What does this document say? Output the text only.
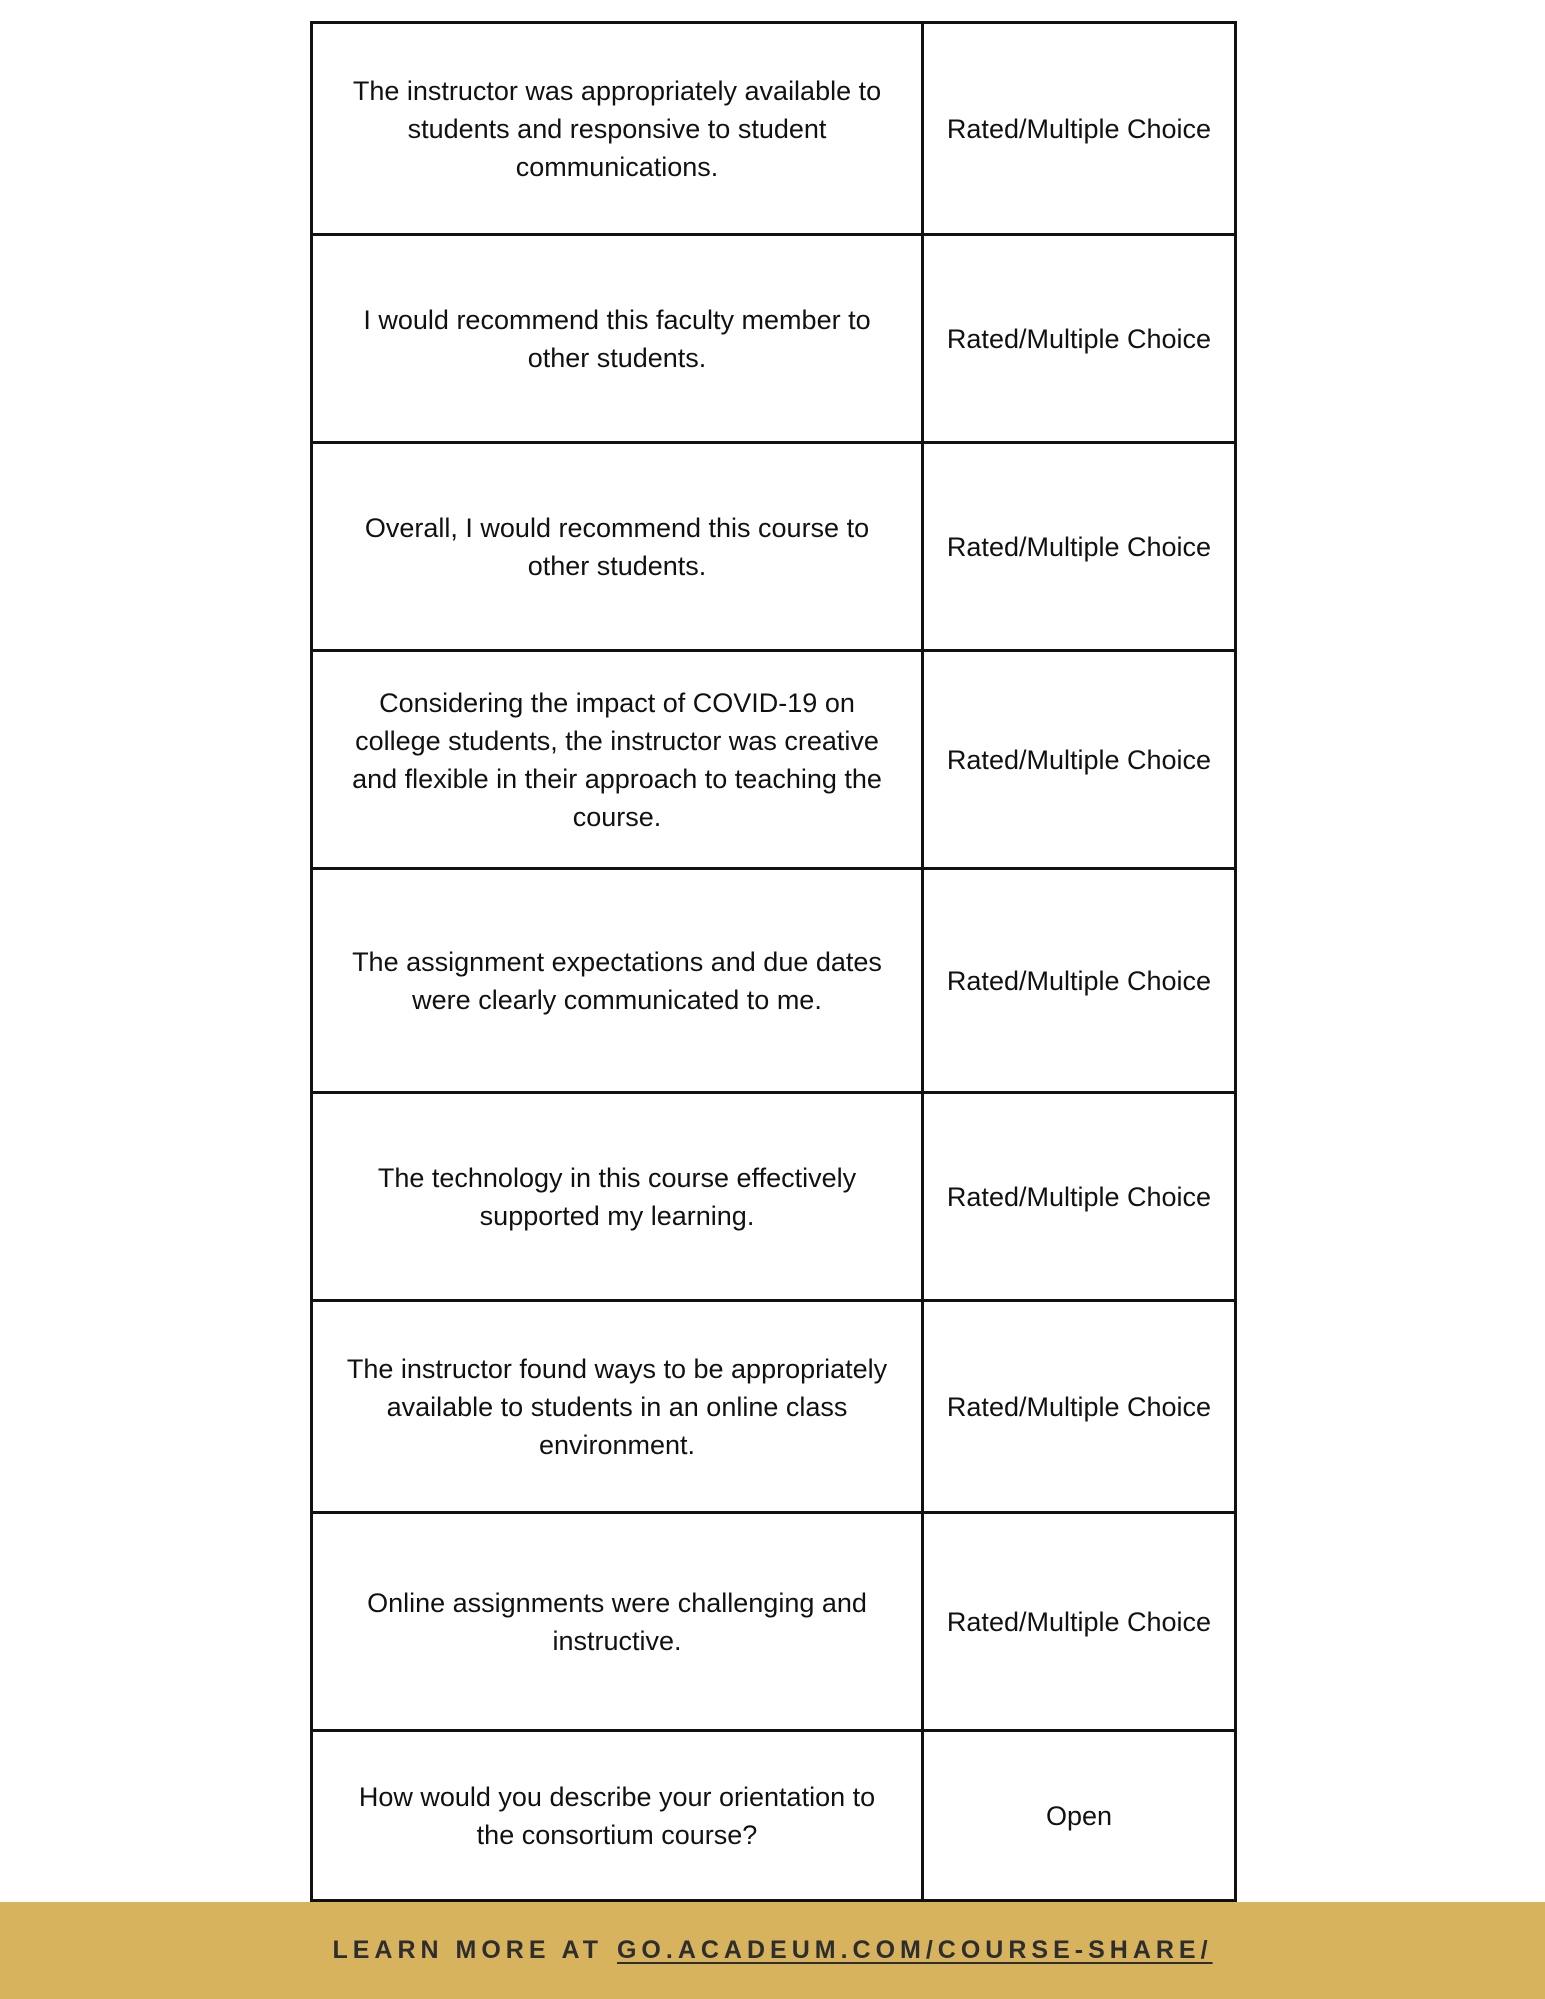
The instructor was appropriately available to students and responsive to student communications.	Rated/Multiple Choice
I would recommend this faculty member to other students.	Rated/Multiple Choice
Overall, I would recommend this course to other students.	Rated/Multiple Choice
Considering the impact of COVID-19 on college students, the instructor was creative and flexible in their approach to teaching the course.	Rated/Multiple Choice
The assignment expectations and due dates were clearly communicated to me.	Rated/Multiple Choice
The technology in this course effectively supported my learning.	Rated/Multiple Choice
The instructor found ways to be appropriately available to students in an online class environment.	Rated/Multiple Choice
Online assignments were challenging and instructive.	Rated/Multiple Choice
How would you describe your orientation to the consortium course?	Open
LEARN MORE AT GO.ACADEUM.COM/COURSE-SHARE/
